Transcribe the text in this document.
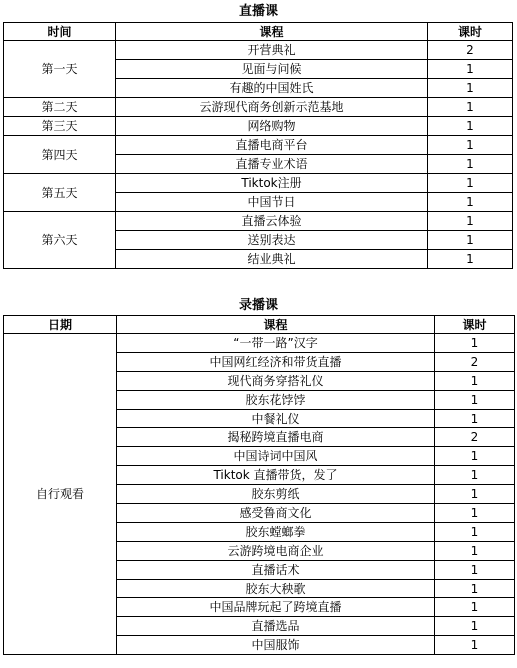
直播课
时间	课程	课时
第一天	开营典礼	2
	见面与问候	1
	有趣的中国姓氏	1
第二天	云游现代商务创新示范基地	1
第三天	网络购物	1
第四天	直播电商平台	1
	直播专业术语	1
第五天	Tiktok注册	1
	中国节日	1
第六天	直播云体验	1
	送别表达	1
	结业典礼	1
录播课
日期	课程	课时
自行观看	“一带一路”汉字	1
	中国网红经济和带货直播	2
	现代商务穿搭礼仪	1
	胶东花饽饽	1
	中餐礼仪	1
	揭秘跨境直播电商	2
	中国诗词中国风	1
	Tiktok 直播带货，发了	1
	胶东剪纸	1
	感受鲁商文化	1
	胶东螳螂拳	1
	云游跨境电商企业	1
	直播话术	1
	胶东大秧歌	1
	中国品牌玩起了跨境直播	1
	直播选品	1
	中国服饰	1
